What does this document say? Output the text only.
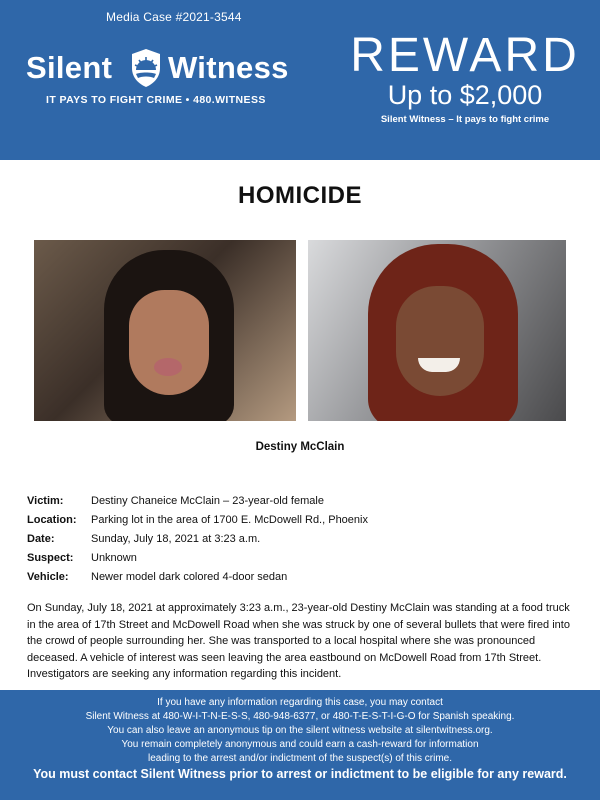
Media Case #2021-3544
Silent Witness
IT PAYS TO FIGHT CRIME • 480.WITNESS
REWARD
Up to $2,000
Silent Witness – It pays to fight crime
HOMICIDE
Destiny McClain
Victim:	Destiny Chaneice McClain – 23-year-old female
Location: Parking lot in the area of 1700 E. McDowell Rd., Phoenix
Date:	Sunday, July 18, 2021 at 3:23 a.m.
Suspect: Unknown
Vehicle: Newer model dark colored 4-door sedan
On Sunday, July 18, 2021 at approximately 3:23 a.m., 23-year-old Destiny McClain was standing at a food truck in the area of 17th Street and McDowell Road when she was struck by one of several bullets that were fired into the crowd of people surrounding her. She was transported to a local hospital where she was pronounced deceased. A vehicle of interest was seen leaving the area eastbound on McDowell Road from 17th Street. Investigators are seeking any information regarding this incident.
If you have any information regarding this case, you may contact
Silent Witness at 480-W-I-T-N-E-S-S, 480-948-6377, or 480-T-E-S-T-I-G-O for Spanish speaking.
You can also leave an anonymous tip on the silent witness website at silentwitness.org.
You remain completely anonymous and could earn a cash-reward for information
leading to the arrest and/or indictment of the suspect(s) of this crime.
You must contact Silent Witness prior to arrest or indictment to be eligible for any reward.
